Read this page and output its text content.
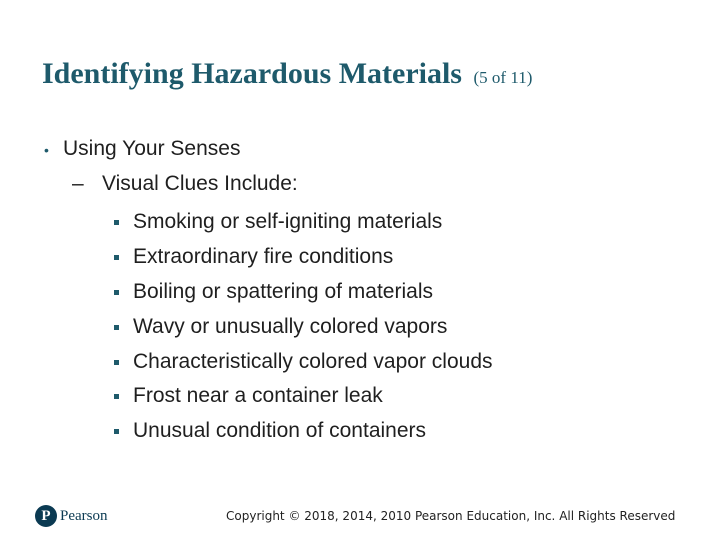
Identifying Hazardous Materials (5 of 11)
• Using Your Senses
– Visual Clues Include:
Smoking or self-igniting materials
Extraordinary fire conditions
Boiling or spattering of materials
Wavy or unusually colored vapors
Characteristically colored vapor clouds
Frost near a container leak
Unusual condition of containers
P Pearson	Copyright © 2018, 2014, 2010 Pearson Education, Inc. All Rights Reserved
